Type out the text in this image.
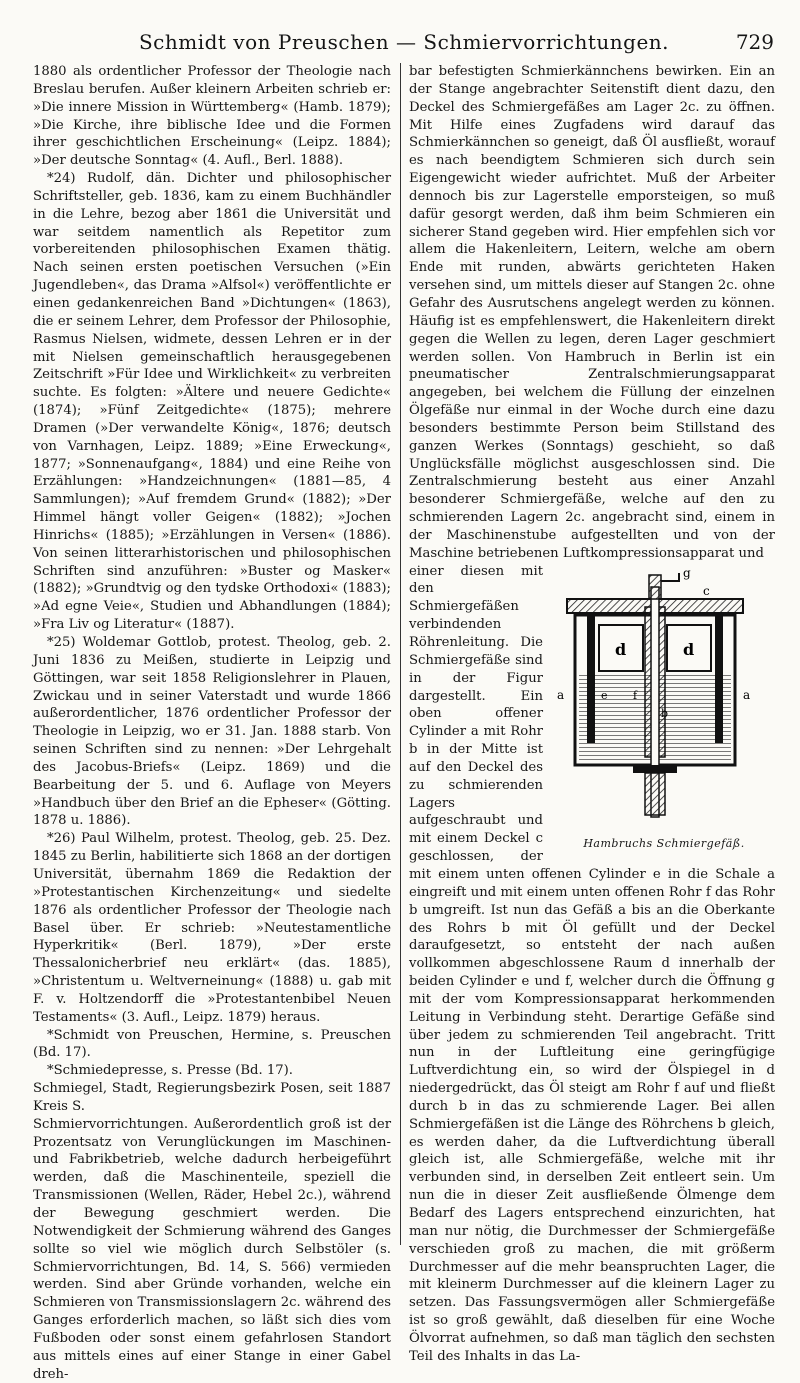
Schmidt von Preuschen — Schmiervorrichtungen.	729

1880 als ordentlicher Professor der Theologie nach Breslau berufen. Außer kleinern Arbeiten schrieb er: »Die innere Mission in Württemberg« (Hamb. 1879); »Die Kirche, ihre biblische Idee und die Formen ihrer geschichtlichen Erscheinung« (Leipz. 1884); »Der deutsche Sonntag« (4. Aufl., Berl. 1888).

*24) Rudolf, dän. Dichter und philosophischer Schriftsteller, geb. 1836, kam zu einem Buchhändler in die Lehre, bezog aber 1861 die Universität und war seitdem namentlich als Repetitor zum vorbereitenden philosophischen Examen thätig. Nach seinen ersten poetischen Versuchen (»Ein Jugendleben«, das Drama »Alfsol«) veröffentlichte er einen gedankenreichen Band »Dichtungen« (1863), die er seinem Lehrer, dem Professor der Philosophie, Rasmus Nielsen, widmete, dessen Lehren er in der mit Nielsen gemeinschaftlich herausgegebenen Zeitschrift »Für Idee und Wirklichkeit« zu verbreiten suchte. Es folgten: »Ältere und neuere Gedichte« (1874); »Fünf Zeitgedichte« (1875); mehrere Dramen (»Der verwandelte König«, 1876; deutsch von Varnhagen, Leipz. 1889; »Eine Erweckung«, 1877; »Sonnenaufgang«, 1884) und eine Reihe von Erzählungen: »Handzeichnungen« (1881—85, 4 Sammlungen); »Auf fremdem Grund« (1882); »Der Himmel hängt voller Geigen« (1882); »Jochen Hinrichs« (1885); »Erzählungen in Versen« (1886). Von seinen litterarhistorischen und philosophischen Schriften sind anzuführen: »Buster og Masker« (1882); »Grundtvig og den tydske Orthodoxi« (1883); »Ad egne Veie«, Studien und Abhandlungen (1884); »Fra Liv og Literatur« (1887).

*25) Woldemar Gottlob, protest. Theolog, geb. 2. Juni 1836 zu Meißen, studierte in Leipzig und Göttingen, war seit 1858 Religionslehrer in Plauen, Zwickau und in seiner Vaterstadt und wurde 1866 außerordentlicher, 1876 ordentlicher Professor der Theologie in Leipzig, wo er 31. Jan. 1888 starb. Von seinen Schriften sind zu nennen: »Der Lehrgehalt des Jacobus-Briefs« (Leipz. 1869) und die Bearbeitung der 5. und 6. Auflage von Meyers »Handbuch über den Brief an die Epheser« (Götting. 1878 u. 1886).

*26) Paul Wilhelm, protest. Theolog, geb. 25. Dez. 1845 zu Berlin, habilitierte sich 1868 an der dortigen Universität, übernahm 1869 die Redaktion der »Protestantischen Kirchenzeitung« und siedelte 1876 als ordentlicher Professor der Theologie nach Basel über. Er schrieb: »Neutestamentliche Hyperkritik« (Berl. 1879), »Der erste Thessalonicherbrief neu erklärt« (das. 1885), »Christentum u. Weltverneinung« (1888) u. gab mit F. v. Holtzendorff die »Protestantenbibel Neuen Testaments« (3. Aufl., Leipz. 1879) heraus.

*Schmidt von Preuschen, Hermine, s. Preuschen (Bd. 17).

*Schmiedepresse, s. Presse (Bd. 17).

Schmiegel, Stadt, Regierungsbezirk Posen, seit 1887 Kreis S.

Schmiervorrichtungen. Außerordentlich groß ist der Prozentsatz von Verunglückungen im Maschinen- und Fabrikbetrieb, welche dadurch herbeigeführt werden, daß die Maschinenteile, speziell die Transmissionen (Wellen, Räder, Hebel 2c.), während der Bewegung geschmiert werden. Die Notwendigkeit der Schmierung während des Ganges sollte so viel wie möglich durch Selbstöler (s. Schmiervorrichtungen, Bd. 14, S. 566) vermieden werden. Sind aber Gründe vorhanden, welche ein Schmieren von Transmissionslagern 2c. während des Ganges erforderlich machen, so läßt sich dies vom Fußboden oder sonst einem gefahrlosen Standort aus mittels eines auf einer Stange in einer Gabel dreh-

bar befestigten Schmierkännchens bewirken. Ein an der Stange angebrachter Seitenstift dient dazu, den Deckel des Schmiergefäßes am Lager 2c. zu öffnen. Mit Hilfe eines Zugfadens wird darauf das Schmierkännchen so geneigt, daß Öl ausfließt, worauf es nach beendigtem Schmieren sich durch sein Eigengewicht wieder aufrichtet. Muß der Arbeiter dennoch bis zur Lagerstelle emporsteigen, so muß dafür gesorgt werden, daß ihm beim Schmieren ein sicherer Stand gegeben wird. Hier empfehlen sich vor allem die Hakenleitern, Leitern, welche am obern Ende mit runden, abwärts gerichteten Haken versehen sind, um mittels dieser auf Stangen 2c. ohne Gefahr des Ausrutschens angelegt werden zu können. Häufig ist es empfehlenswert, die Hakenleitern direkt gegen die Wellen zu legen, deren Lager geschmiert werden sollen. Von Hambruch in Berlin ist ein pneumatischer Zentralschmierungsapparat angegeben, bei welchem die Füllung der einzelnen Ölgefäße nur einmal in der Woche durch eine dazu besonders bestimmte Person beim Stillstand des ganzen Werkes (Sonntags) geschieht, so daß Unglücksfälle möglichst ausgeschlossen sind. Die Zentralschmierung besteht aus einer Anzahl besonderer Schmiergefäße, welche auf den zu schmierenden Lagern 2c. angebracht sind, einem in der Maschinenstube aufgestellten und von der Maschine betriebenen Luftkompressionsapparat und

g
c
d	d
a	a
e f
b
Hambruchs Schmiergefäß.

einer diesen mit den Schmiergefäßen verbindenden Röhrenleitung. Die Schmiergefäße sind in der Figur dargestellt. Ein oben offener Cylinder a mit Rohr b in der Mitte ist auf den Deckel des zu schmierenden Lagers aufgeschraubt und mit einem Deckel c geschlossen, der mit einem unten offenen Cylinder e in die Schale a eingreift und mit einem unten offenen Rohr f das Rohr b umgreift. Ist nun das Gefäß a bis an die Oberkante des Rohrs b mit Öl gefüllt und der Deckel daraufgesetzt, so entsteht der nach außen vollkommen abgeschlossene Raum d innerhalb der beiden Cylinder e und f, welcher durch die Öffnung g mit der vom Kompressionsapparat herkommenden Leitung in Verbindung steht. Derartige Gefäße sind über jedem zu schmierenden Teil angebracht. Tritt nun in der Luftleitung eine geringfügige Luftverdichtung ein, so wird der Ölspiegel in d niedergedrückt, das Öl steigt am Rohr f auf und fließt durch b in das zu schmierende Lager. Bei allen Schmiergefäßen ist die Länge des Röhrchens b gleich, es werden daher, da die Luftverdichtung überall gleich ist, alle Schmiergefäße, welche mit ihr verbunden sind, in derselben Zeit entleert sein. Um nun die in dieser Zeit ausfließende Ölmenge dem Bedarf des Lagers entsprechend einzurichten, hat man nur nötig, die Durchmesser der Schmiergefäße verschieden groß zu machen, die mit größerm Durchmesser auf die mehr beanspruchten Lager, die mit kleinerm Durchmesser auf die kleinern Lager zu setzen. Das Fassungsvermögen aller Schmiergefäße ist so groß gewählt, daß dieselben für eine Woche Ölvorrat aufnehmen, so daß man täglich den sechsten Teil des Inhalts in das La-
